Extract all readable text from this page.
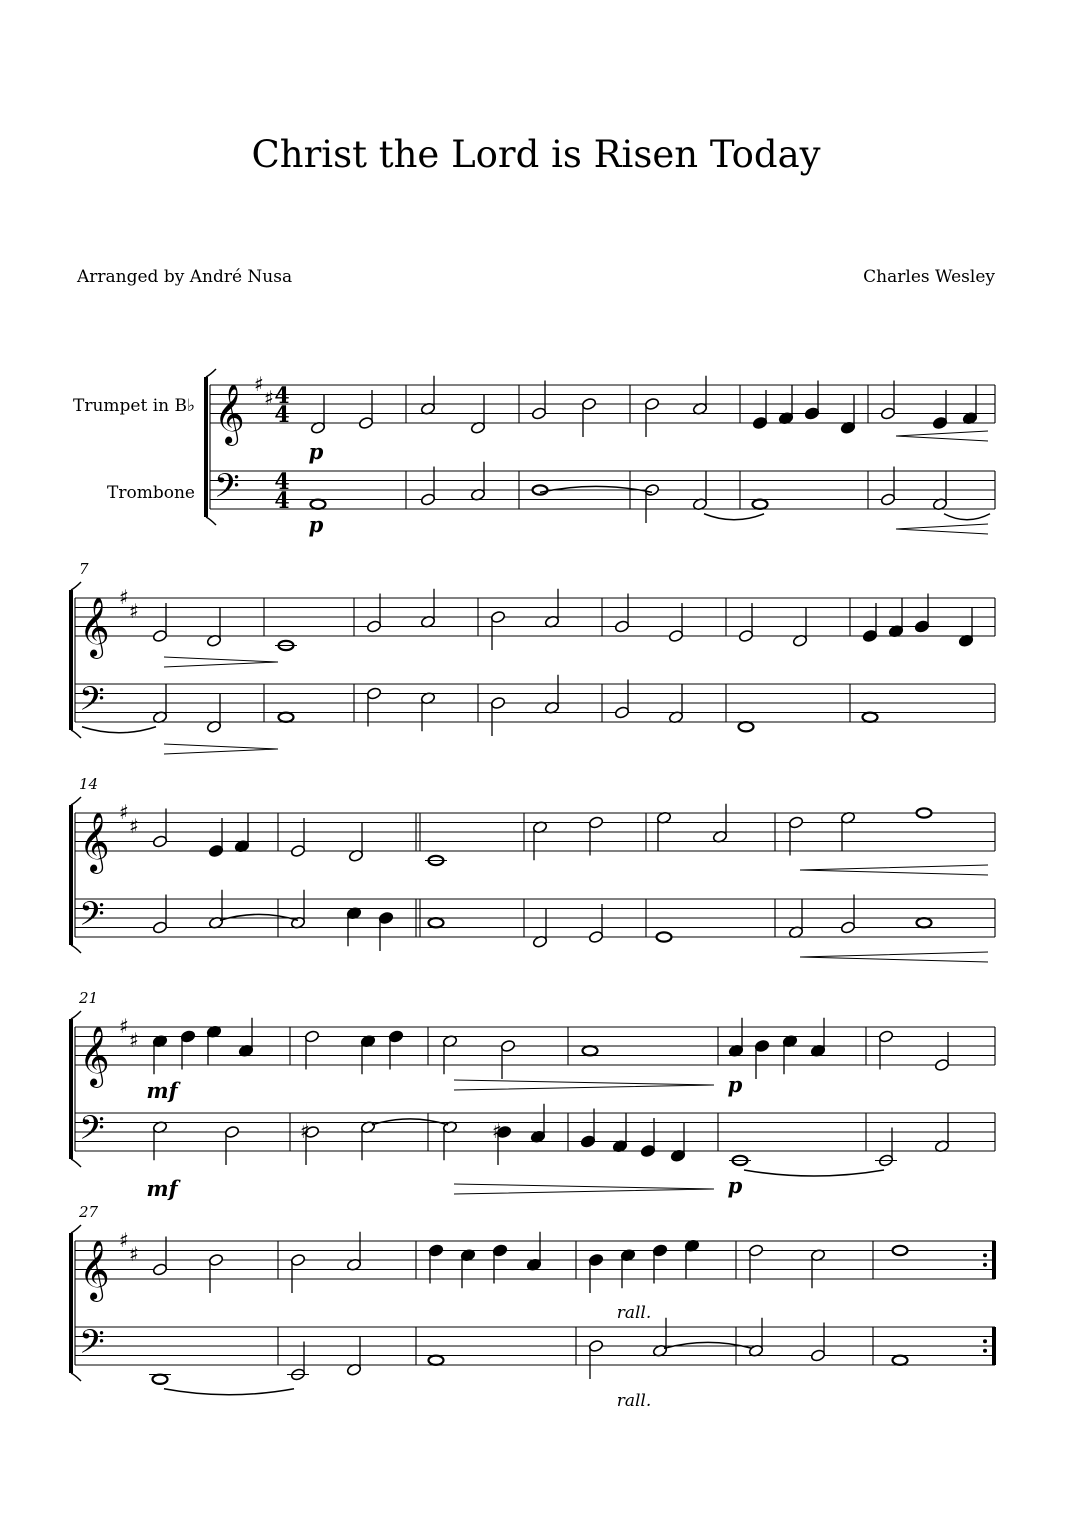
Christ the Lord is Risen Today
Arranged by André Nusa	Charles Wesley
Trumpet in B♭
Trombone
𝄞
𝄢
♯
♯ 4
4
4
4
𝄞
𝄢
♯
♯
7
𝄞
𝄢
♯
♯
14
𝄞
𝄢
♯
♯
21
𝄞
𝄢
♯
♯
27
♯	♯
p
p
mf
mf
p
p
rall.
rall.
